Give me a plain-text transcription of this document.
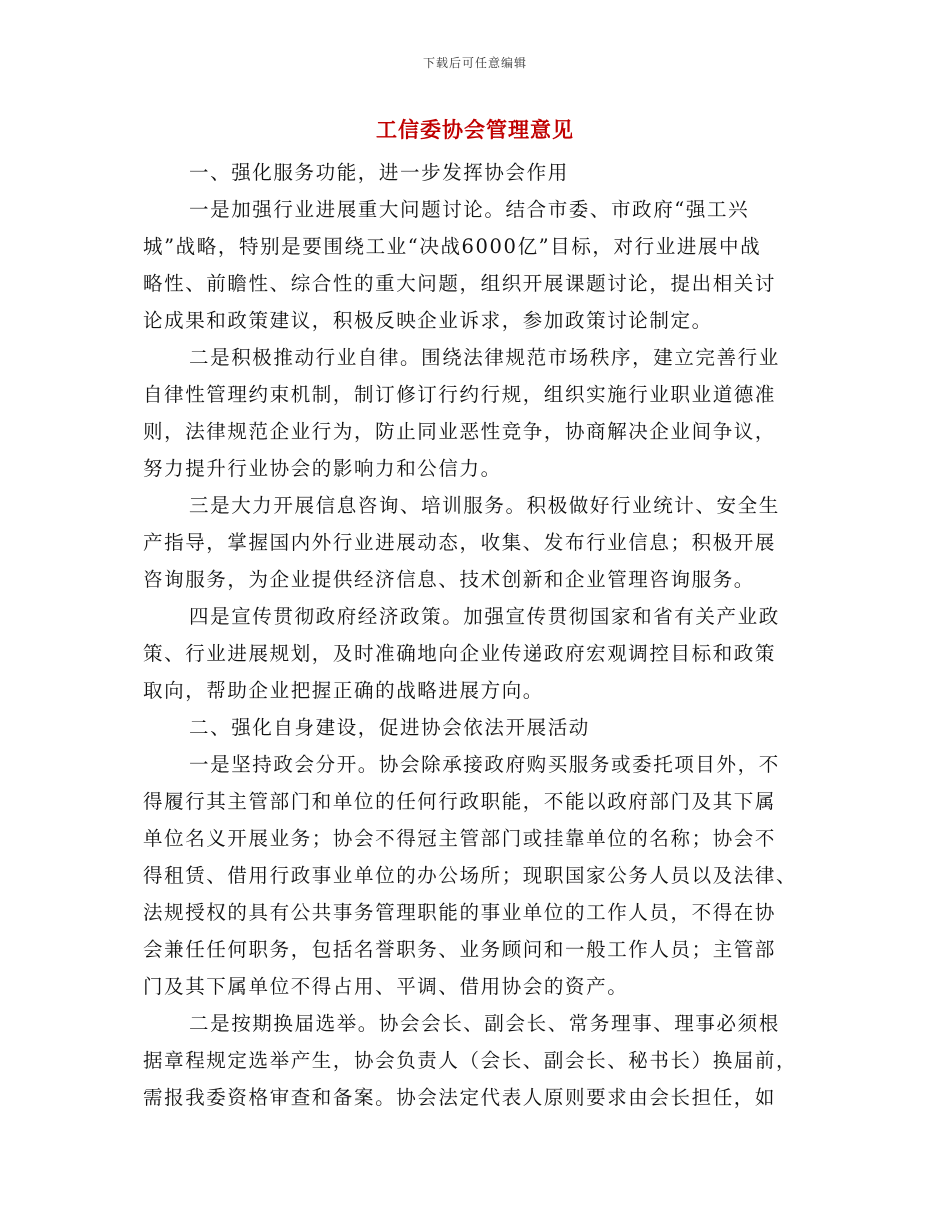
下载后可任意编辑
工信委协会管理意见
一、强化服务功能，进一步发挥协会作用
一是加强行业进展重大问题讨论。结合市委、市政府“强工兴
城”战略，特别是要围绕工业“决战6000亿”目标，对行业进展中战
略性、前瞻性、综合性的重大问题，组织开展课题讨论，提出相关讨
论成果和政策建议，积极反映企业诉求，参加政策讨论制定。
二是积极推动行业自律。围绕法律规范市场秩序，建立完善行业
自律性管理约束机制，制订修订行约行规，组织实施行业职业道德准
则，法律规范企业行为，防止同业恶性竞争，协商解决企业间争议，
努力提升行业协会的影响力和公信力。
三是大力开展信息咨询、培训服务。积极做好行业统计、安全生
产指导，掌握国内外行业进展动态，收集、发布行业信息；积极开展
咨询服务，为企业提供经济信息、技术创新和企业管理咨询服务。
四是宣传贯彻政府经济政策。加强宣传贯彻国家和省有关产业政
策、行业进展规划，及时准确地向企业传递政府宏观调控目标和政策
取向，帮助企业把握正确的战略进展方向。
二、强化自身建设，促进协会依法开展活动
一是坚持政会分开。协会除承接政府购买服务或委托项目外，不
得履行其主管部门和单位的任何行政职能，不能以政府部门及其下属
单位名义开展业务；协会不得冠主管部门或挂靠单位的名称；协会不
得租赁、借用行政事业单位的办公场所；现职国家公务人员以及法律、
法规授权的具有公共事务管理职能的事业单位的工作人员，不得在协
会兼任任何职务，包括名誉职务、业务顾问和一般工作人员；主管部
门及其下属单位不得占用、平调、借用协会的资产。
二是按期换届选举。协会会长、副会长、常务理事、理事必须根
据章程规定选举产生，协会负责人（会长、副会长、秘书长）换届前，
需报我委资格审查和备案。协会法定代表人原则要求由会长担任，如
